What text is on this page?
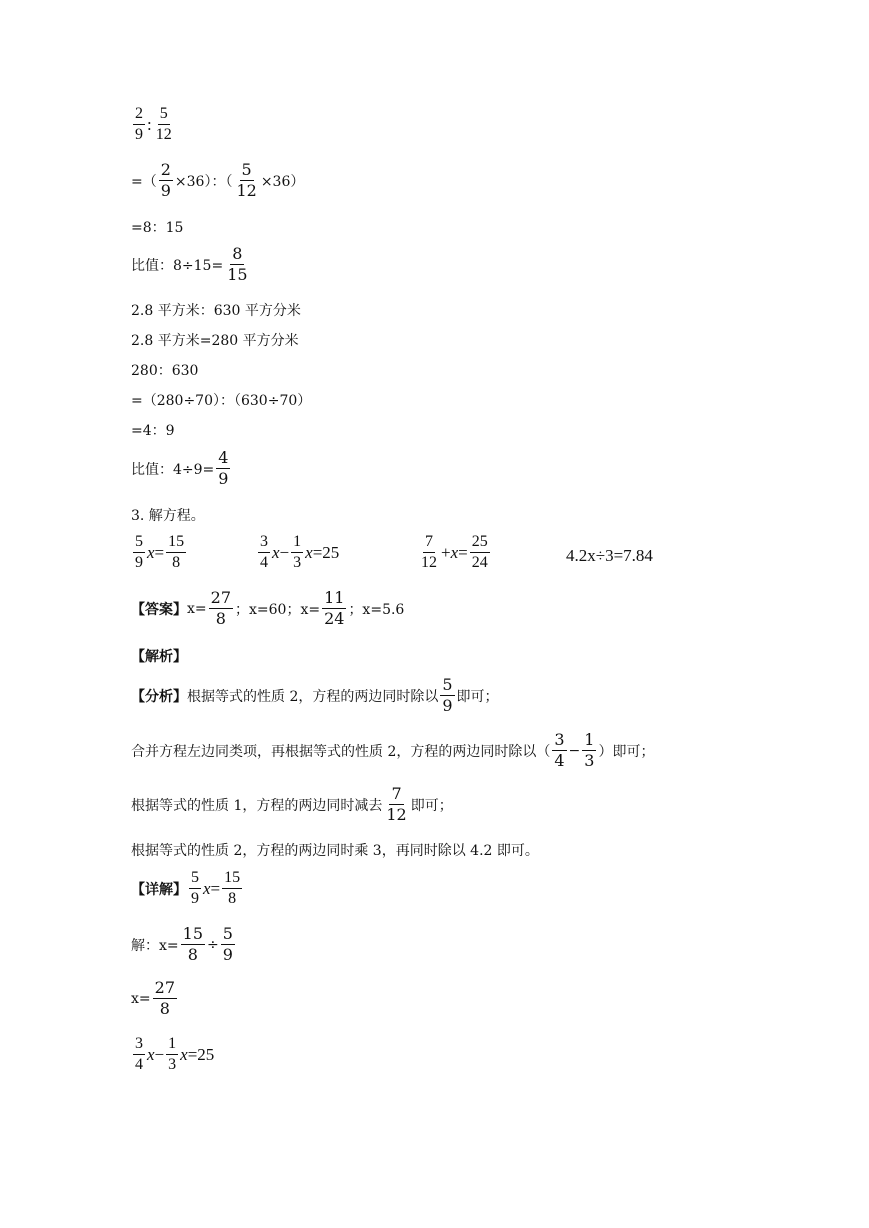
$\frac{2}{9}$ : $\frac{5}{12}$
=（ $\frac{2}{9} \times 36$）：（ $\frac{5}{12} \times 36$）
=8：15
比值：$8\div 15= \frac{8}{15}$
2.8 平方米：630 平方分米
2.8 平方米=280 平方分米
280：630
=（280÷70）：（630÷70）
=4：9
比值：$4\div 9= \frac{4}{9}$
3. 解方程。
$\frac{5}{9}$ $x = \frac{15}{8}$	$\frac{3}{4}$ $x - \frac{1}{3}$ x =25	$\frac{7}{12} + x = \frac{25}{24}$	4.2x÷3=7.84
【答案】 $x= \frac{27}{8}$ ；x=60；$x= \frac{11}{24}$ ；x=5.6
【解析】
【分析】 根据等式的性质 2，方程的两边同时除以 $\frac{5}{9}$ 即可；
合并方程左边同类项，再根据等式的性质 2，方程的两边同时除以（ $\frac{3}{4} - \frac{1}{3}$ ）即可；
根据等式的性质 1，方程的两边同时减去 $\frac{7}{12}$ 即可；
根据等式的性质 2，方程的两边同时乘 3，再同时除以 4.2 即可。
【详解】 $\frac{5}{9}$ $x = \frac{15}{8}$
解：$x= \frac{15}{8} \div \frac{5}{9}$
$x= \frac{27}{8}$
$\frac{3}{4}$ $x - \frac{1}{3}$ x =25
